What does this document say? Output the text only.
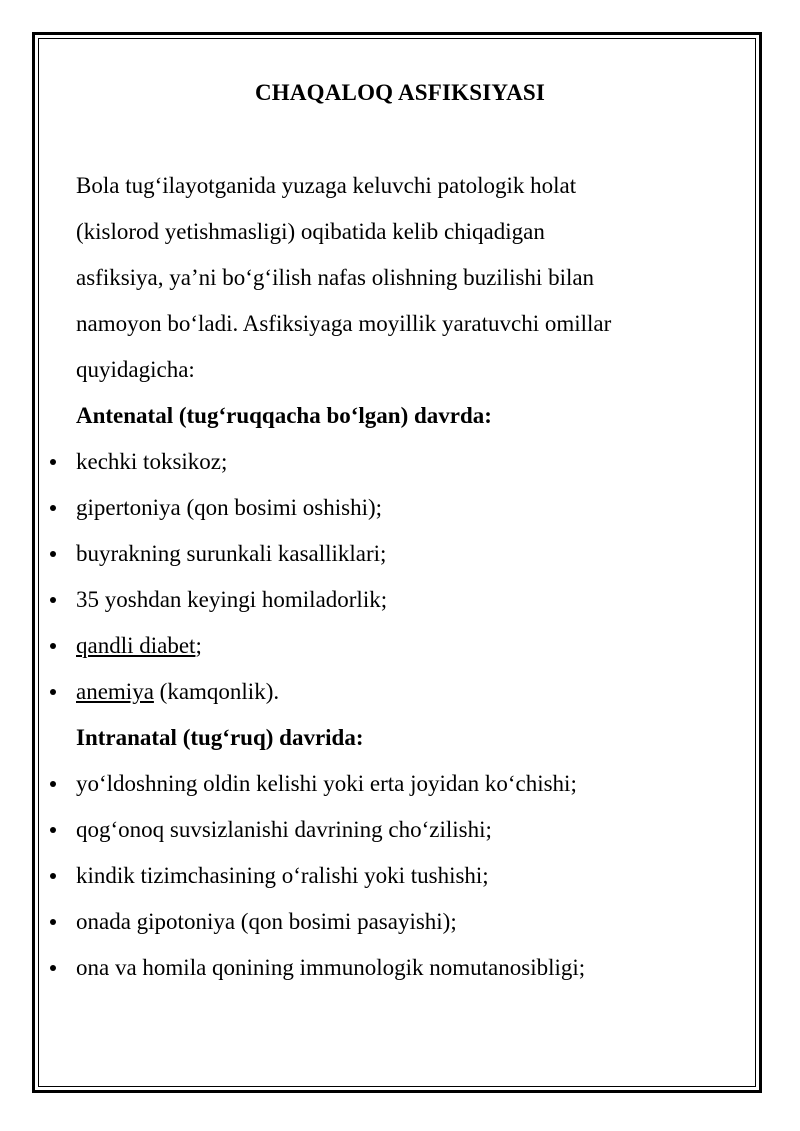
CHAQALOQ ASFIKSIYASI
Bola tug‘ilayotganida yuzaga keluvchi patologik holat
(kislorod yetishmasligi) oqibatida kelib chiqadigan
asfiksiya, ya’ni bo‘g‘ilish nafas olishning buzilishi bilan
namoyon bo‘ladi. Asfiksiyaga moyillik yaratuvchi omillar
quyidagicha:
Antenatal (tug‘ruqqacha bo‘lgan) davrda:
kechki toksikoz;
gipertoniya (qon bosimi oshishi);
buyrakning surunkali kasalliklari;
35 yoshdan keyingi homiladorlik;
qandli diabet;
anemiya (kamqonlik).
Intranatal (tug‘ruq) davrida:
yo‘ldoshning oldin kelishi yoki erta joyidan ko‘chishi;
qog‘onoq suvsizlanishi davrining cho‘zilishi;
kindik tizimchasining o‘ralishi yoki tushishi;
onada gipotoniya (qon bosimi pasayishi);
ona va homila qonining immunologik nomutanosibligi;
